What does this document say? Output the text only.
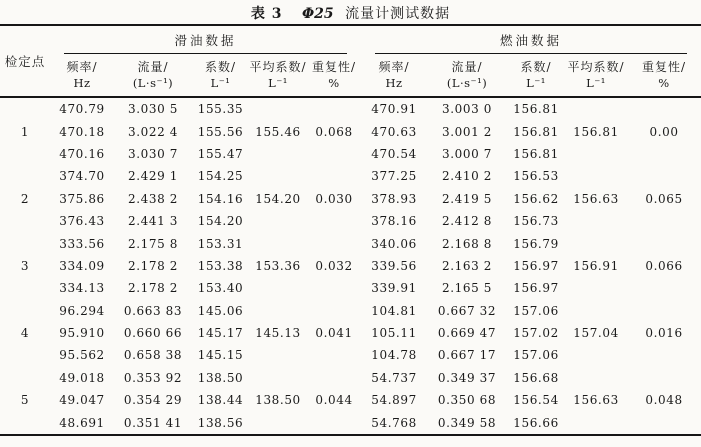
表 3 Φ25 流量计测试数据
检定点	滑油数据					燃油数据				

频率/
Hz

流量/
(L·s⁻¹)

系数/
L⁻¹

平均系数/
L⁻¹

重复性/
%

频率/
Hz

流量/
(L·s⁻¹)

系数/
L⁻¹

平均系数/
L⁻¹

重复性/
%

1	470.79	3.030 5	155.35	155.46	0.068	470.91	3.003 0	156.81	156.81	0.00
	470.18	3.022 4	155.56			470.63	3.001 2	156.81		
	470.16	3.030 7	155.47			470.54	3.000 7	156.81		
2	374.70	2.429 1	154.25	154.20	0.030	377.25	2.410 2	156.53	156.63	0.065
	375.86	2.438 2	154.16			378.93	2.419 5	156.62		
	376.43	2.441 3	154.20			378.16	2.412 8	156.73		
3	333.56	2.175 8	153.31	153.36	0.032	340.06	2.168 8	156.79	156.91	0.066
	334.09	2.178 2	153.38			339.56	2.163 2	156.97		
	334.13	2.178 2	153.40			339.91	2.165 5	156.97		
4	96.294	0.663 83	145.06	145.13	0.041	104.81	0.667 32	157.06	157.04	0.016
	95.910	0.660 66	145.17			105.11	0.669 47	157.02		
	95.562	0.658 38	145.15			104.78	0.667 17	157.06		
5	49.018	0.353 92	138.50	138.50	0.044	54.737	0.349 37	156.68	156.63	0.048
	49.047	0.354 29	138.44			54.897	0.350 68	156.54		
	48.691	0.351 41	138.56			54.768	0.349 58	156.66		
